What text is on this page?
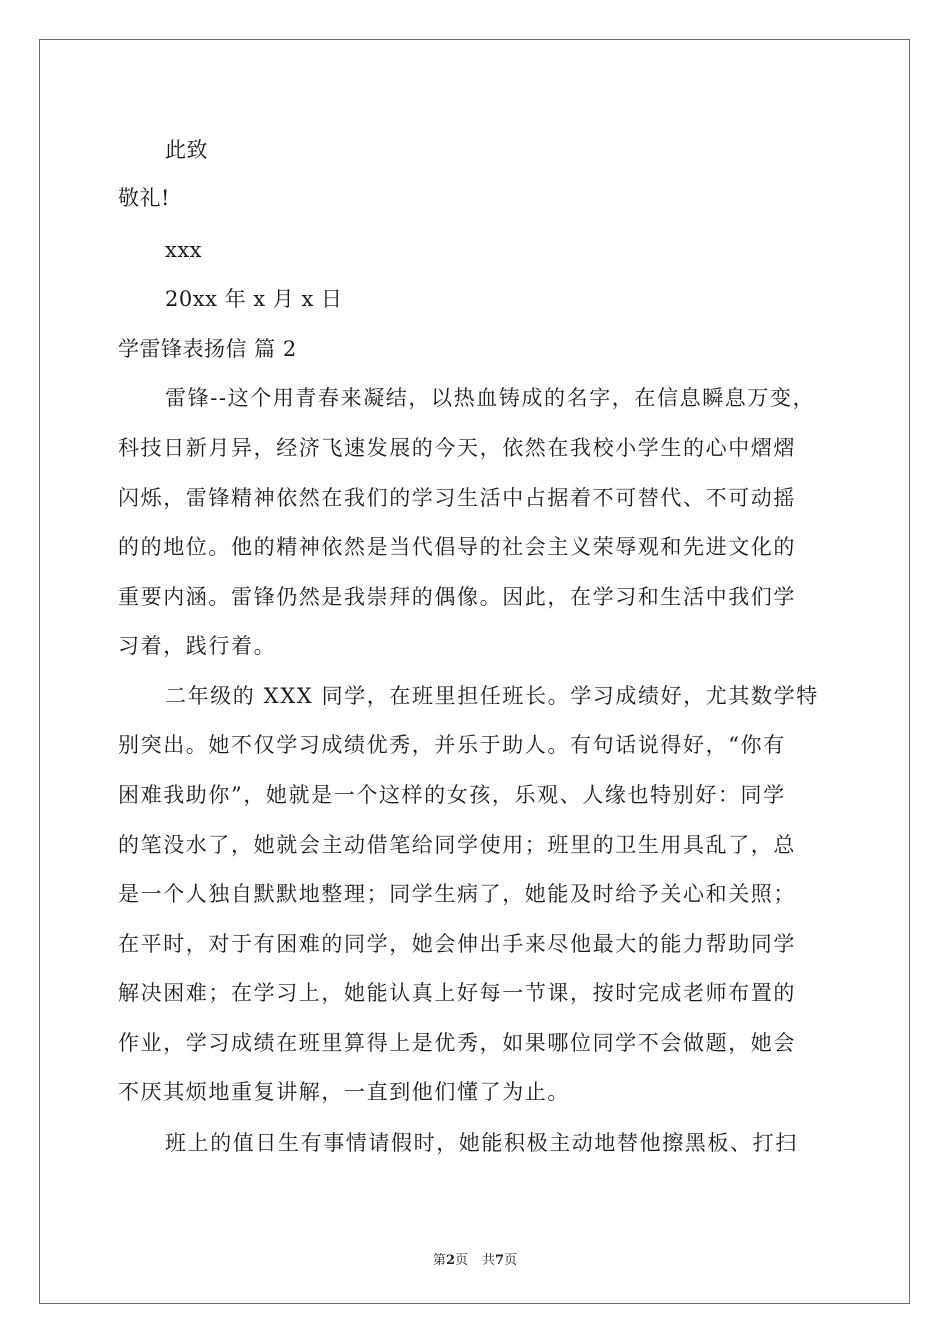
此致
敬礼!
xxx
20xx 年 x 月 x 日
学雷锋表扬信 篇 2
雷锋--这个用青春来凝结，以热血铸成的名字，在信息瞬息万变，
科技日新月异，经济飞速发展的今天，依然在我校小学生的心中熠熠
闪烁，雷锋精神依然在我们的学习生活中占据着不可替代、不可动摇
的的地位。他的精神依然是当代倡导的社会主义荣辱观和先进文化的
重要内涵。雷锋仍然是我崇拜的偶像。因此，在学习和生活中我们学
习着，践行着。
二年级的 XXX 同学，在班里担任班长。学习成绩好，尤其数学特
别突出。她不仅学习成绩优秀，并乐于助人。有句话说得好，“你有
困难我助你”，她就是一个这样的女孩，乐观、人缘也特别好：同学
的笔没水了，她就会主动借笔给同学使用；班里的卫生用具乱了，总
是一个人独自默默地整理；同学生病了，她能及时给予关心和关照；
在平时，对于有困难的同学，她会伸出手来尽他最大的能力帮助同学
解决困难；在学习上，她能认真上好每一节课，按时完成老师布置的
作业，学习成绩在班里算得上是优秀，如果哪位同学不会做题，她会
不厌其烦地重复讲解，一直到他们懂了为止。
班上的值日生有事情请假时，她能积极主动地替他擦黑板、打扫
第2页 共7页
